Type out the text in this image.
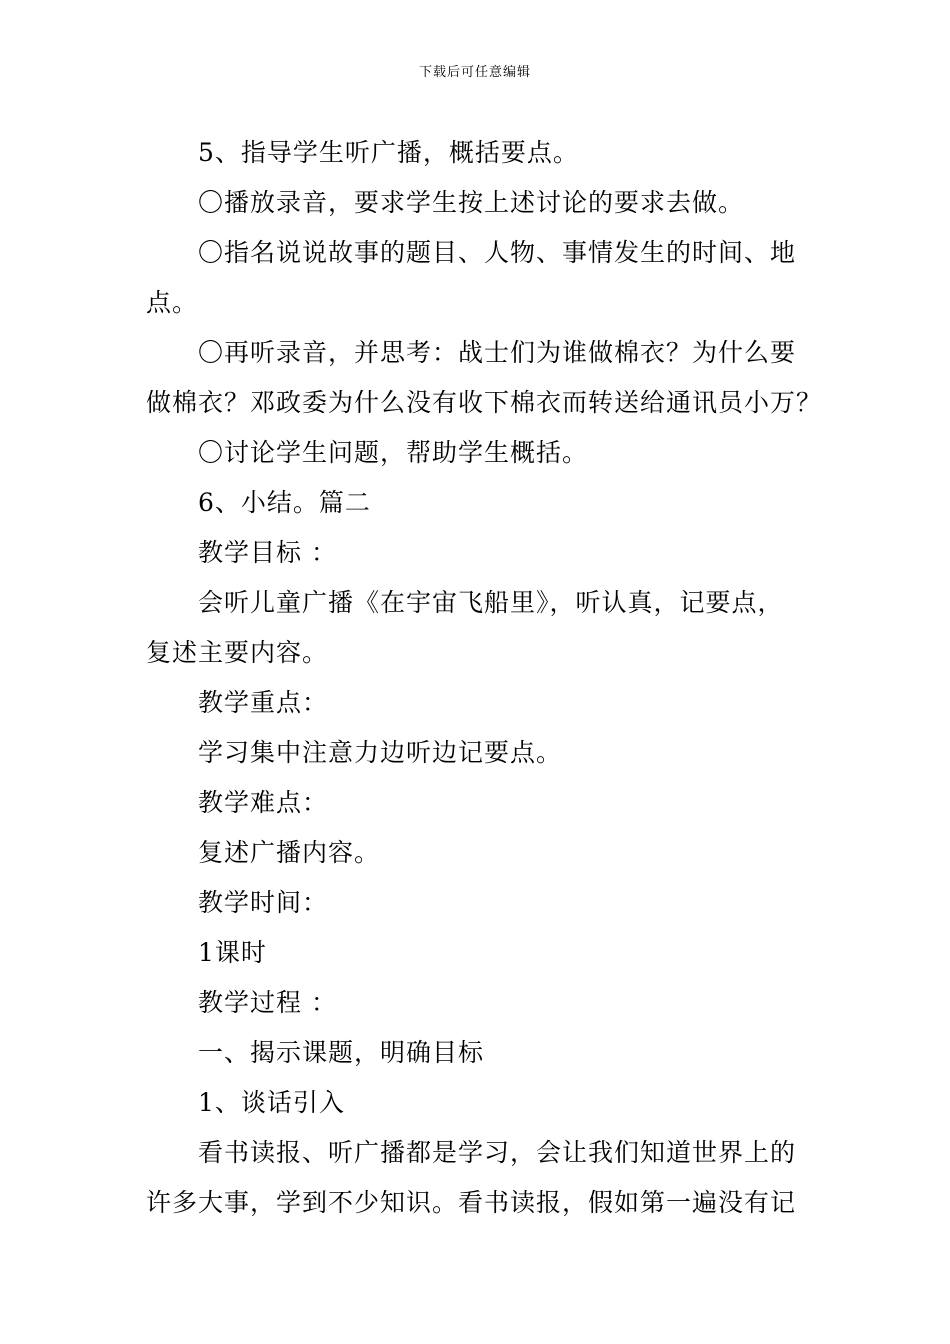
下载后可任意编辑

5、指导学生听广播，概括要点。

〇播放录音，要求学生按上述讨论的要求去做。

〇指名说说故事的题目、人物、事情发生的时间、地
点。

〇再听录音，并思考：战士们为谁做棉衣？为什么要
做棉衣？邓政委为什么没有收下棉衣而转送给通讯员小万？

〇讨论学生问题，帮助学生概括。

6、小结。篇二

教学目标 ：

会听儿童广播《在宇宙飞船里》，听认真，记要点，
复述主要内容。

教学重点：

学习集中注意力边听边记要点。

教学难点：

复述广播内容。

教学时间：

1课时

教学过程 ：

一、揭示课题，明确目标

1、谈话引入

看书读报、听广播都是学习，会让我们知道世界上的
许多大事，学到不少知识。看书读报，假如第一遍没有记
